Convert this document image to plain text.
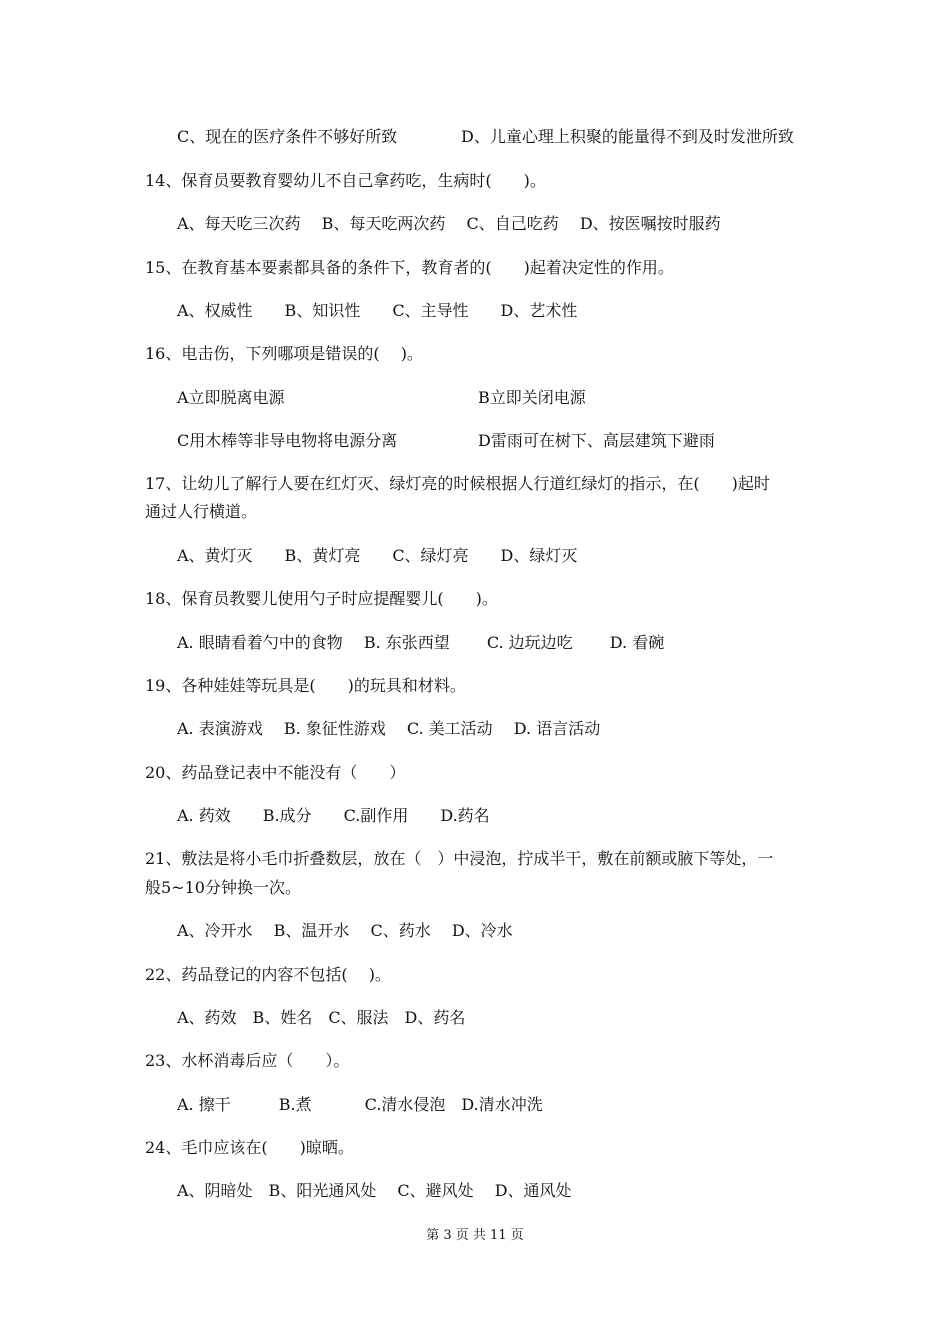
C、现在的医疗条件不够好所致	D、儿童心理上积聚的能量得不到及时发泄所致
14、保育员要教育婴幼儿不自己拿药吃，生病时(　　)。
A、每天吃三次药　 B、每天吃两次药　 C、自己吃药　 D、按医嘱按时服药
15、在教育基本要素都具备的条件下，教育者的(　　)起着决定性的作用。
A、权威性　　B、知识性　　C、主导性　　D、艺术性
16、电击伤，下列哪项是错误的(　 )。
A立即脱离电源	B立即关闭电源
C用木棒等非导电物将电源分离	D雷雨可在树下、高层建筑下避雨
17、让幼儿了解行人要在红灯灭、绿灯亮的时候根据人行道红绿灯的指示，在(　　)起时
通过人行横道。
A、黄灯灭　　B、黄灯亮　　C、绿灯亮　　D、绿灯灭
18、保育员教婴儿使用勺子时应提醒婴儿(　　)。
A. 眼睛看着勺中的食物　 B. 东张西望　　 C. 边玩边吃　　 D. 看碗
19、各种娃娃等玩具是(　　)的玩具和材料。
A. 表演游戏　 B. 象征性游戏　 C. 美工活动　 D. 语言活动
20、药品登记表中不能没有（　　）
A. 药效　　B.成分　　C.副作用　　D.药名
21、敷法是将小毛巾折叠数层，放在（　）中浸泡，拧成半干，敷在前额或腋下等处，一
般5~10分钟换一次。
A、冷开水　 B、温开水　 C、药水　 D、冷水
22、药品登记的内容不包括(　 )。
A、药效　B、姓名　C、服法　D、药名
23、水杯消毒后应（　　）。
A. 擦干　　　B.煮　　　 C.清水侵泡　D.清水冲洗
24、毛巾应该在(　　)晾晒。
A、阴暗处　B、阳光通风处　 C、避风处　 D、通风处
第 3 页 共 11 页
